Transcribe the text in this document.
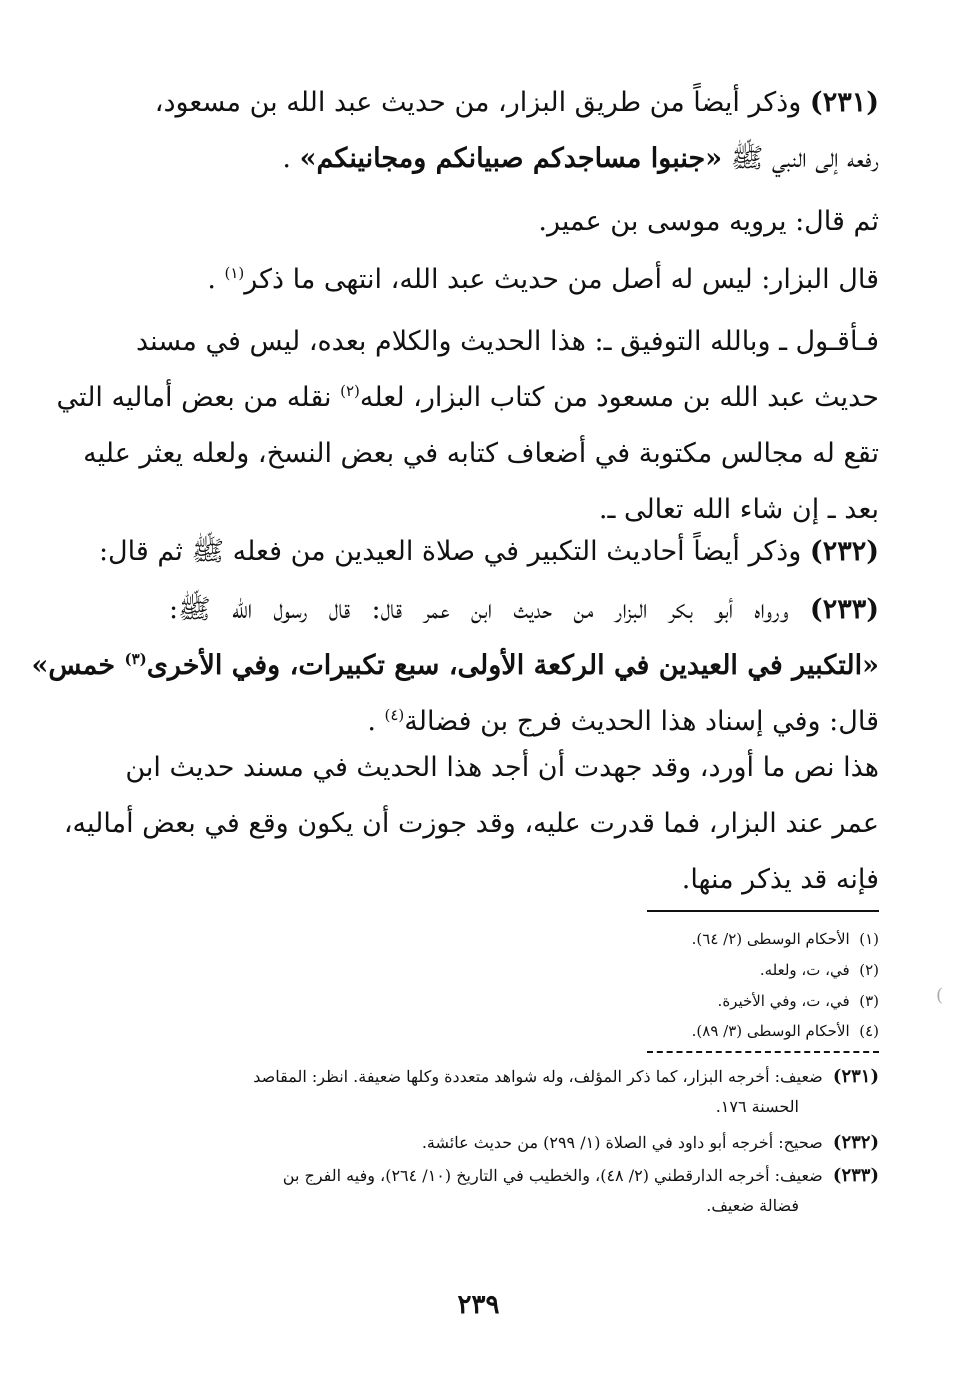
(٢٣١) وذكر أيضاً من طريق البزار، من حديث عبد الله بن مسعود،
رفعه إلى النبي ﷺ «جنبوا مساجدكم صبيانكم ومجانينكم» .
ثم قال: يرويه موسى بن عمير.
قال البزار: ليس له أصل من حديث عبد الله، انتهى ما ذكر$^{(١)}$ .
فـأقـول ـ وبالله التوفيق ـ: هذا الحديث والكلام بعده، ليس في مسند
حديث عبد الله بن مسعود من كتاب البزار، لعله$^{(٢)}$ نقله من بعض أماليه التي
تقع له مجالس مكتوبة في أضعاف كتابه في بعض النسخ، ولعله يعثر عليه
بعد ـ إن شاء الله تعالى ـ.
(٢٣٢) وذكر أيضاً أحاديث التكبير في صلاة العيدين من فعله ﷺ ثم قال:
(٢٣٣) ورواه أبو بكر البزار من حديث ابن عمر قال: قال رسول الله ﷺ:
«التكبير في العيدين في الركعة الأولى، سبع تكبيرات، وفي الأخرى$^{(٣)}$ خمس»
قال: وفي إسناد هذا الحديث فرج بن فضالة$^{(٤)}$ .
هذا نص ما أورد، وقد جهدت أن أجد هذا الحديث في مسند حديث ابن
عمر عند البزار، فما قدرت عليه، وقد جوزت أن يكون وقع في بعض أماليه،
فإنه قد يذكر منها.
(١)  الأحكام الوسطى (٢/ ٦٤).
(٢)  في، ت، ولعله.
(٣)  في، ت، وفي الأخيرة.
(٤)  الأحكام الوسطى (٣/ ٨٩).
(٢٣١)  ضعيف: أخرجه البزار، كما ذكر المؤلف، وله شواهد متعددة وكلها ضعيفة. انظر: المقاصد
الحسنة ١٧٦.
(٢٣٢)  صحيح: أخرجه أبو داود في الصلاة (١/ ٢٩٩) من حديث عائشة.
(٢٣٣)  ضعيف: أخرجه الدارقطني (٢/ ٤٨)، والخطيب في التاريخ (١٠/ ٢٦٤)، وفيه الفرج بن
فضالة ضعيف.
٢٣٩
(
